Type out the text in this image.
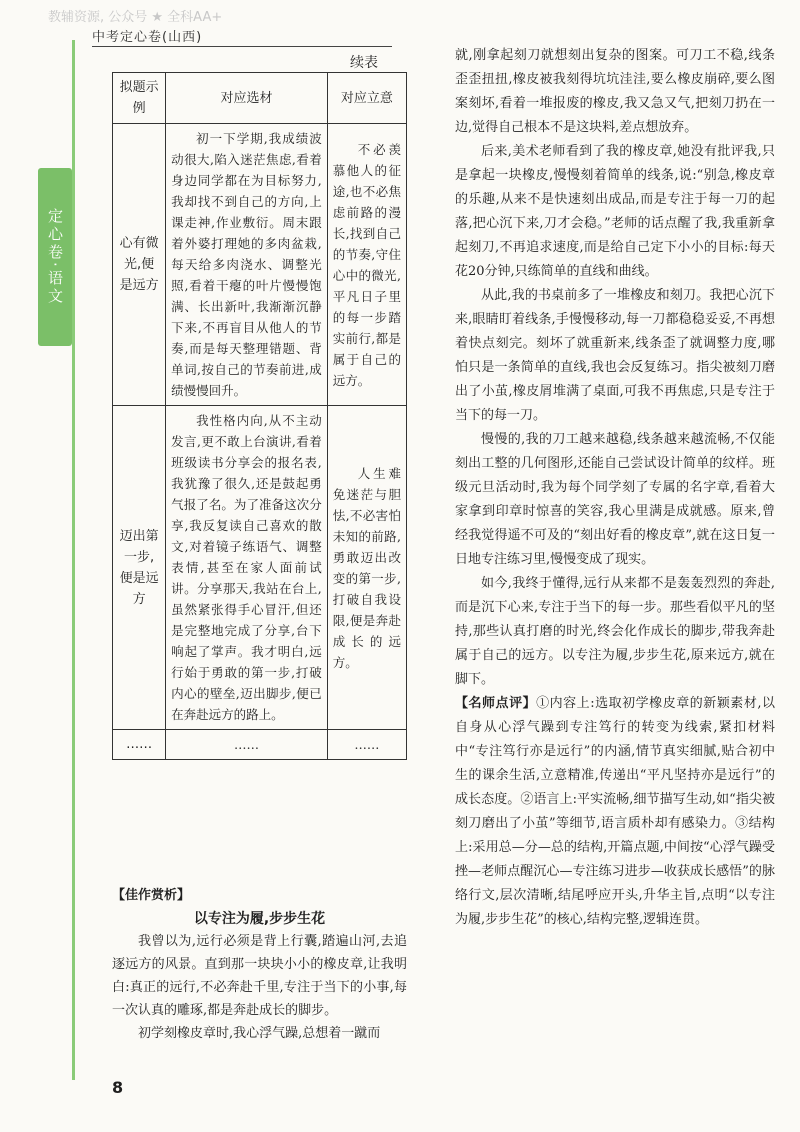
教辅资源, 公众号 ★ 全科AA+
中考定心卷(山西)
定心卷·语文
续表
拟题示例	对应选材	对应立意
心有微光,便是远方	初一下学期,我成绩波动很大,陷入迷茫焦虑,看着身边同学都在为目标努力,我却找不到自己的方向,上课走神,作业敷衍。周末跟着外婆打理她的多肉盆栽,每天给多肉浇水、调整光照,看着干瘪的叶片慢慢饱满、长出新叶,我渐渐沉静下来,不再盲目从他人的节奏,而是每天整理错题、背单词,按自己的节奏前进,成绩慢慢回升。	不必羡慕他人的征途,也不必焦虑前路的漫长,找到自己的节奏,守住心中的微光,平凡日子里的每一步踏实前行,都是属于自己的远方。
迈出第一步,便是远方	我性格内向,从不主动发言,更不敢上台演讲,看着班级读书分享会的报名表,我犹豫了很久,还是鼓起勇气报了名。为了准备这次分享,我反复读自己喜欢的散文,对着镜子练语气、调整表情,甚至在家人面前试讲。分享那天,我站在台上,虽然紧张得手心冒汗,但还是完整地完成了分享,台下响起了掌声。我才明白,远行始于勇敢的第一步,打破内心的壁垒,迈出脚步,便已在奔赴远方的路上。	人生难免迷茫与胆怯,不必害怕未知的前路,勇敢迈出改变的第一步,打破自我设限,便是奔赴成长的远方。
……	……	……
【佳作赏析】
以专注为履,步步生花
我曾以为,远行必须是背上行囊,踏遍山河,去追逐远方的风景。直到那一块块小小的橡皮章,让我明白:真正的远行,不必奔赴千里,专注于当下的小事,每一次认真的雕琢,都是奔赴成长的脚步。
初学刻橡皮章时,我心浮气躁,总想着一蹴而

就,刚拿起刻刀就想刻出复杂的图案。可刀工不稳,线条歪歪扭扭,橡皮被我刻得坑坑洼洼,要么橡皮崩碎,要么图案刻坏,看着一堆报废的橡皮,我又急又气,把刻刀扔在一边,觉得自己根本不是这块料,差点想放弃。

后来,美术老师看到了我的橡皮章,她没有批评我,只是拿起一块橡皮,慢慢刻着简单的线条,说:“别急,橡皮章的乐趣,从来不是快速刻出成品,而是专注于每一刀的起落,把心沉下来,刀才会稳。”老师的话点醒了我,我重新拿起刻刀,不再追求速度,而是给自己定下小小的目标:每天花20分钟,只练简单的直线和曲线。

从此,我的书桌前多了一堆橡皮和刻刀。我把心沉下来,眼睛盯着线条,手慢慢移动,每一刀都稳稳妥妥,不再想着快点刻完。刻坏了就重新来,线条歪了就调整力度,哪怕只是一条简单的直线,我也会反复练习。指尖被刻刀磨出了小茧,橡皮屑堆满了桌面,可我不再焦虑,只是专注于当下的每一刀。

慢慢的,我的刀工越来越稳,线条越来越流畅,不仅能刻出工整的几何图形,还能自己尝试设计简单的纹样。班级元旦活动时,我为每个同学刻了专属的名字章,看着大家拿到印章时惊喜的笑容,我心里满是成就感。原来,曾经我觉得遥不可及的“刻出好看的橡皮章”,就在这日复一日地专注练习里,慢慢变成了现实。

如今,我终于懂得,远行从来都不是轰轰烈烈的奔赴,而是沉下心来,专注于当下的每一步。那些看似平凡的坚持,那些认真打磨的时光,终会化作成长的脚步,带我奔赴属于自己的远方。以专注为履,步步生花,原来远方,就在脚下。

【名师点评】①内容上:选取初学橡皮章的新颖素材,以自身从心浮气躁到专注笃行的转变为线索,紧扣材料中“专注笃行亦是远行”的内涵,情节真实细腻,贴合初中生的课余生活,立意精准,传递出“平凡坚持亦是远行”的成长态度。②语言上:平实流畅,细节描写生动,如“指尖被刻刀磨出了小茧”等细节,语言质朴却有感染力。③结构上:采用总—分—总的结构,开篇点题,中间按“心浮气躁受挫—老师点醒沉心—专注练习进步—收获成长感悟”的脉络行文,层次清晰,结尾呼应开头,升华主旨,点明“以专注为履,步步生花”的核心,结构完整,逻辑连贯。

8
